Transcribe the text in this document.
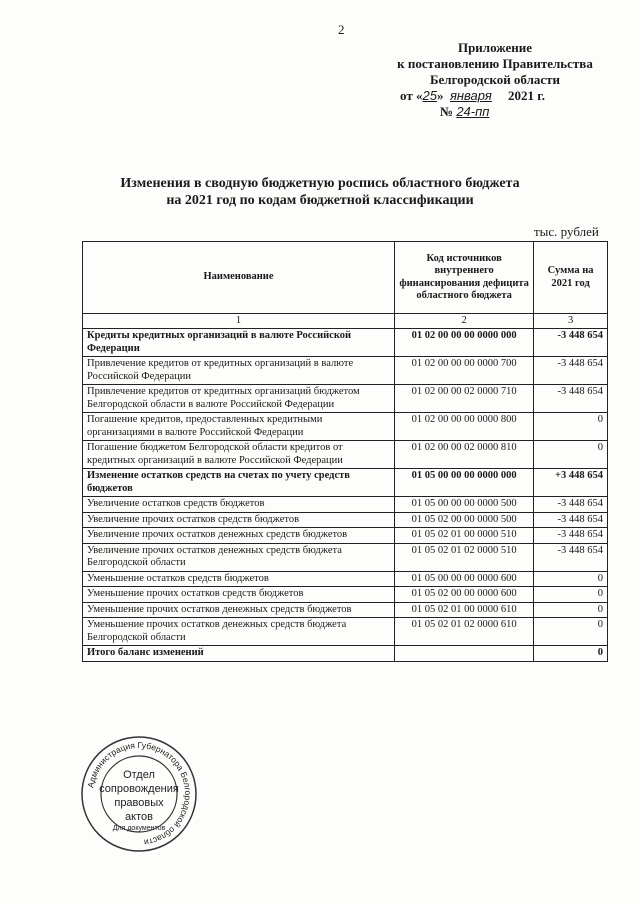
2
Приложение
к постановлению Правительства
Белгородской области
от «25» января 2021 г.
№ 24-пп
Изменения в сводную бюджетную роспись областного бюджета
на 2021 год по кодам бюджетной классификации
тыс. рублей
Наименование	Код источников внутреннего финансирования дефицита областного бюджета	Сумма на 2021 год
1	2	3
Кредиты кредитных организаций в валюте Российской Федерации	01 02 00 00 00 0000 000	-3 448 654
Привлечение кредитов от кредитных организаций в валюте Российской Федерации	01 02 00 00 00 0000 700	-3 448 654
Привлечение кредитов от кредитных организаций бюджетом Белгородской области в валюте Российской Федерации	01 02 00 00 02 0000 710	-3 448 654
Погашение кредитов, предоставленных кредитными организациями в валюте Российской Федерации	01 02 00 00 00 0000 800	0
Погашение бюджетом Белгородской области кредитов от кредитных организаций в валюте Российской Федерации	01 02 00 00 02 0000 810	0
Изменение остатков средств на счетах по учету средств бюджетов	01 05 00 00 00 0000 000	+3 448 654
Увеличение остатков средств бюджетов	01 05 00 00 00 0000 500	-3 448 654
Увеличение прочих остатков средств бюджетов	01 05 02 00 00 0000 500	-3 448 654
Увеличение прочих остатков денежных средств бюджетов	01 05 02 01 00 0000 510	-3 448 654
Увеличение прочих остатков денежных средств бюджета Белгородской области	01 05 02 01 02 0000 510	-3 448 654
Уменьшение остатков средств бюджетов	01 05 00 00 00 0000 600	0
Уменьшение прочих остатков средств бюджетов	01 05 02 00 00 0000 600	0
Уменьшение прочих остатков денежных средств бюджетов	01 05 02 01 00 0000 610	0
Уменьшение прочих остатков денежных средств бюджета Белгородской области	01 05 02 01 02 0000 610	0
Итого баланс изменений		0
Администрация Губернатора Белгородской области
Отдел
сопровождения
правовых
актов
Для документов
